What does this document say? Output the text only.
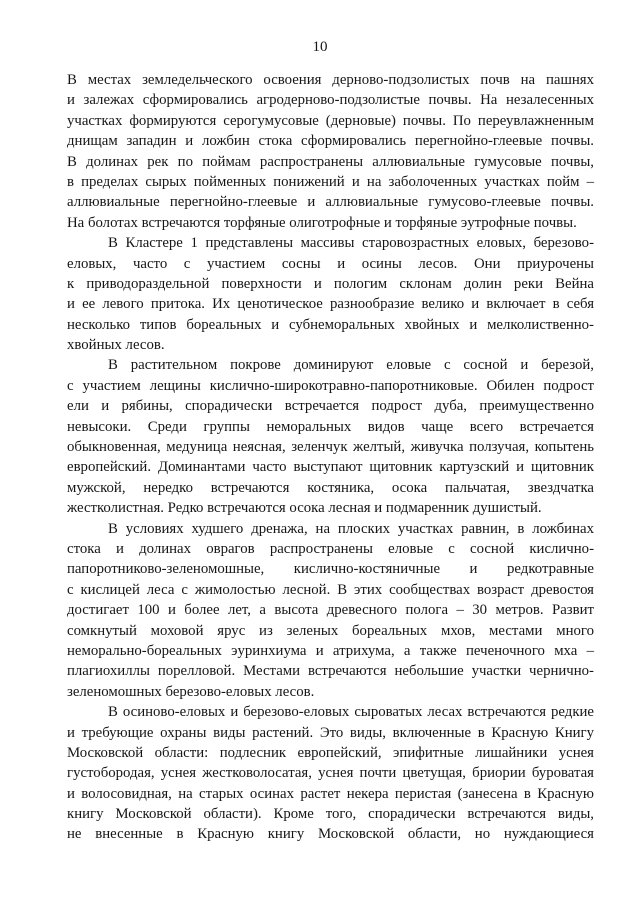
10
В местах земледельческого освоения дерново-подзолистых почв на пашнях
и залежах сформировались агродерново-подзолистые почвы. На незалесенных
участках формируются серогумусовые (дерновые) почвы. По переувлажненным
днищам западин и ложбин стока сформировались перегнойно-глеевые почвы.
В долинах рек по поймам распространены аллювиальные гумусовые почвы,
в пределах сырых пойменных понижений и на заболоченных участках пойм –
аллювиальные перегнойно-глеевые и аллювиальные гумусово-глеевые почвы.
На болотах встречаются торфяные олиготрофные и торфяные эутрофные почвы.
В Кластере 1 представлены массивы старовозрастных еловых, березово-
еловых, часто с участием сосны и осины лесов. Они приурочены
к приводораздельной поверхности и пологим склонам долин реки Вейна
и ее левого притока. Их ценотическое разнообразие велико и включает в себя
несколько типов бореальных и субнеморальных хвойных и мелколиственно-
хвойных лесов.
В растительном покрове доминируют еловые с сосной и березой,
с участием лещины кислично-широкотравно-папоротниковые. Обилен подрост
ели и рябины, спорадически встречается подрост дуба, преимущественно
невысоки. Среди группы неморальных видов чаще всего встречается
обыкновенная, медуница неясная, зеленчук желтый, живучка ползучая, копытень
европейский. Доминантами часто выступают щитовник картузский и щитовник
мужской, нередко встречаются костяника, осока пальчатая, звездчатка
жестколистная. Редко встречаются осока лесная и подмаренник душистый.
В условиях худшего дренажа, на плоских участках равнин, в ложбинах
стока и долинах оврагов распространены еловые с сосной кислично-
папоротниково-зеленомошные, кислично-костяничные и редкотравные
с кислицей леса с жимолостью лесной. В этих сообществах возраст древостоя
достигает 100 и более лет, а высота древесного полога – 30 метров. Развит
сомкнутый моховой ярус из зеленых бореальных мхов, местами много
неморально-бореальных эуринхиума и атрихума, а также печеночного мха –
плагиохиллы порелловой. Местами встречаются небольшие участки чернично-
зеленомошных березово-еловых лесов.
В осиново-еловых и березово-еловых сыроватых лесах встречаются редкие
и требующие охраны виды растений. Это виды, включенные в Красную Книгу
Московской области: подлесник европейский, эпифитные лишайники уснея
густобородая, уснея жестковолосатая, уснея почти цветущая, бриории буроватая
и волосовидная, на старых осинах растет некера перистая (занесена в Красную
книгу Московской области). Кроме того, спорадически встречаются виды,
не внесенные в Красную книгу Московской области, но нуждающиеся
